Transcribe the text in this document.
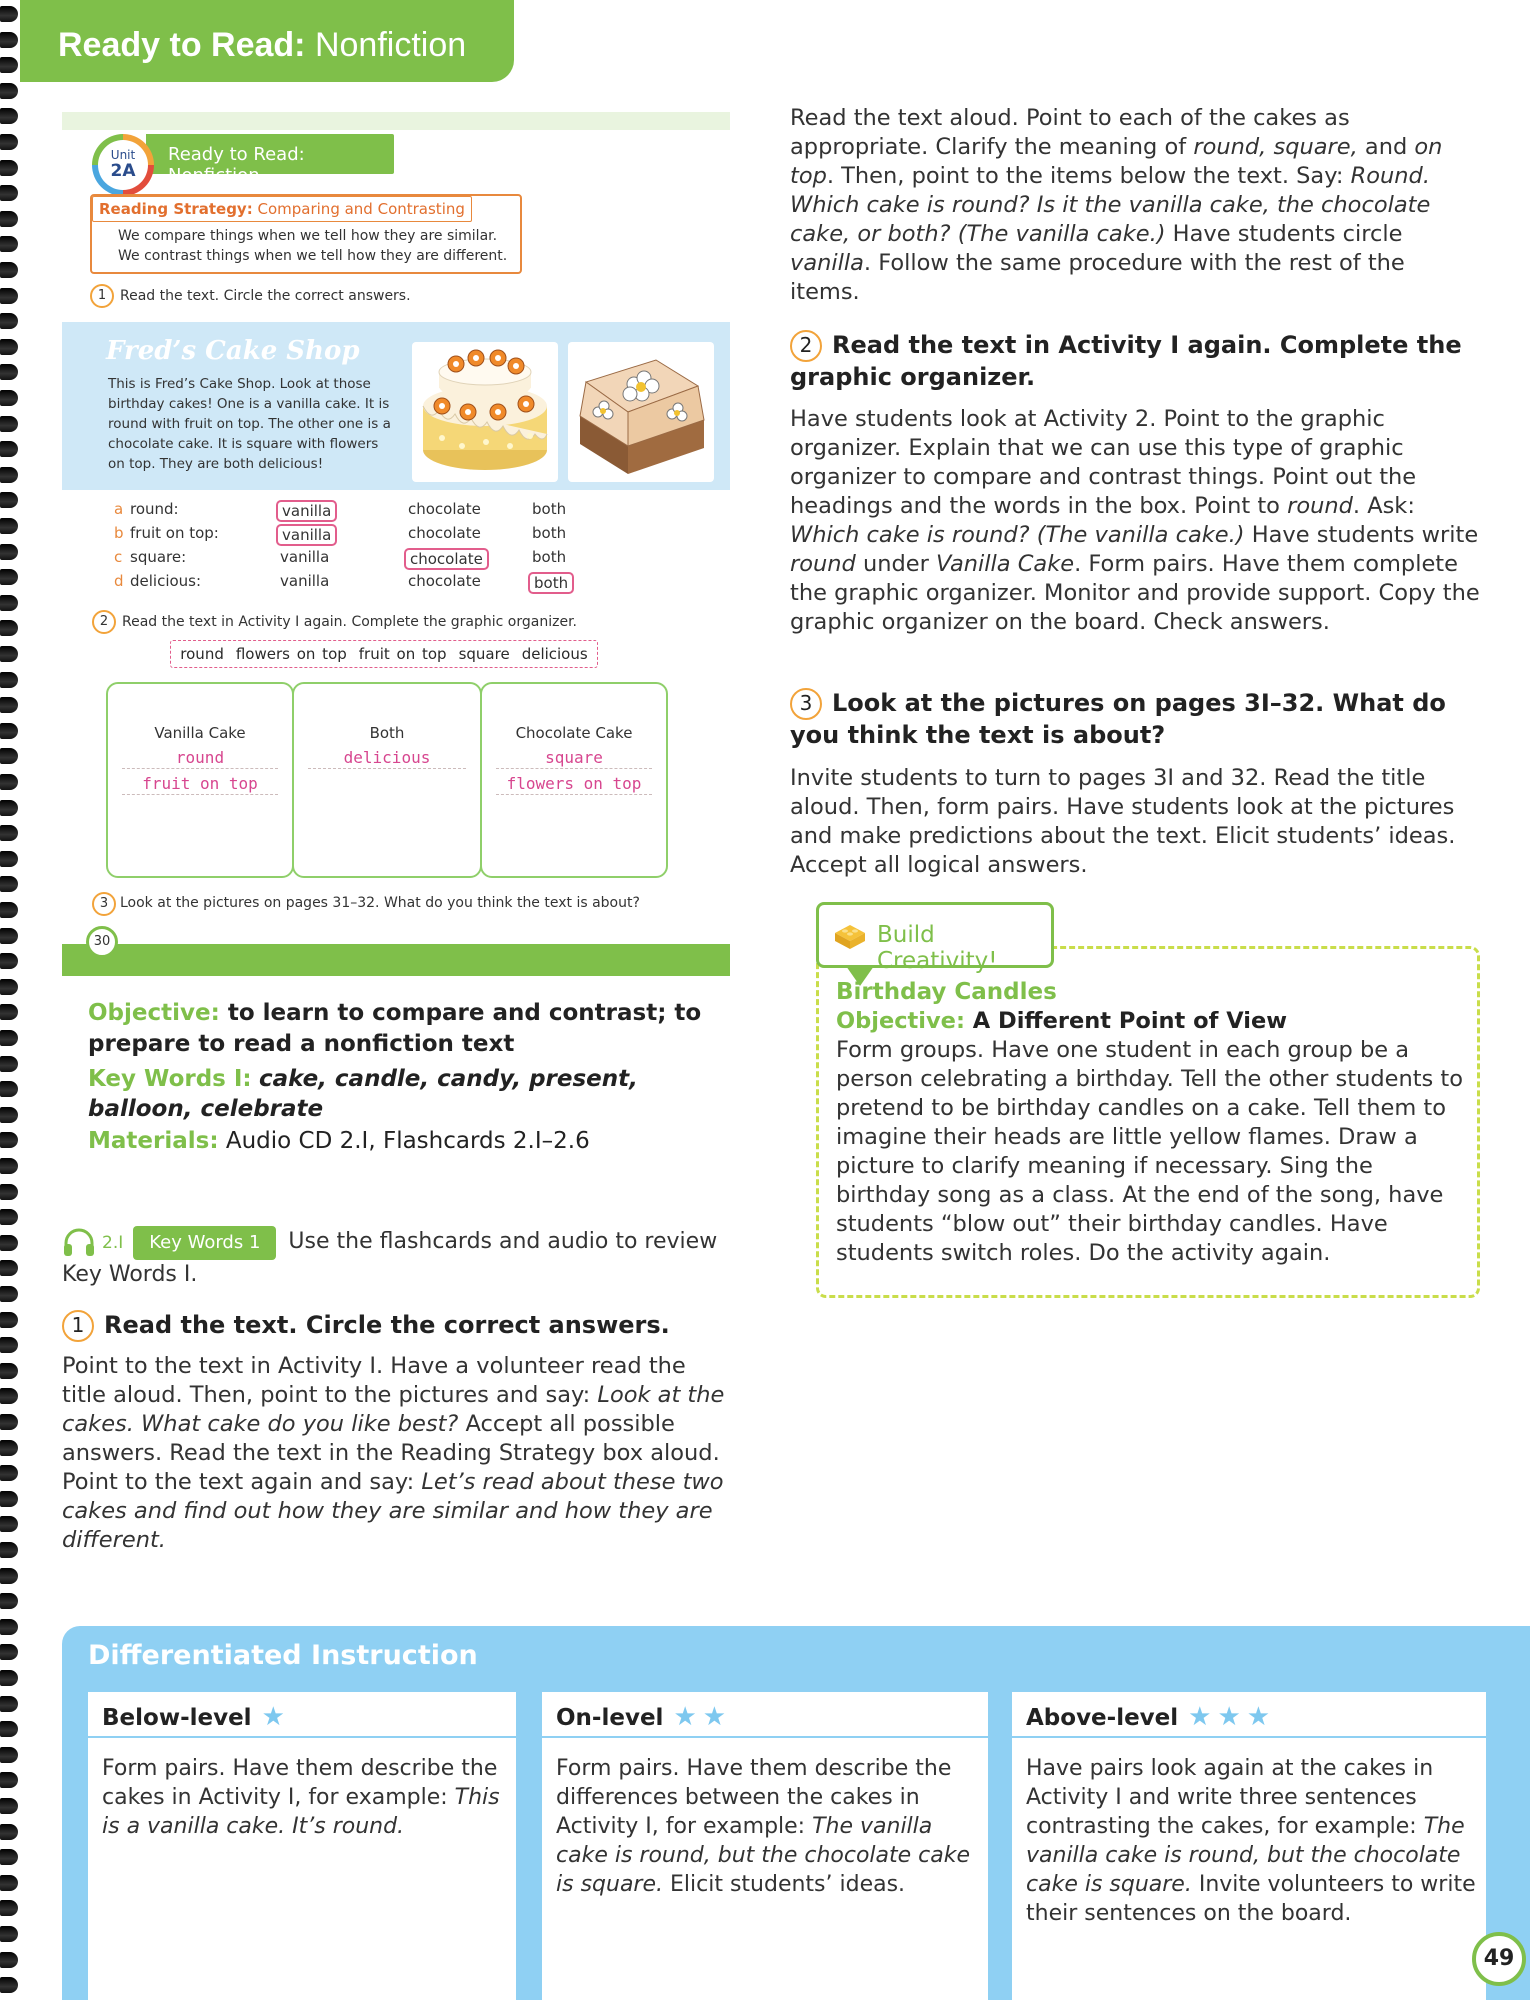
Ready to Read: Nonfiction
Ready to Read: Nonfiction
Unit
2A
Reading Strategy: Comparing and Contrasting
We compare things when we tell how they are similar.
We contrast things when we tell how they are different.
1 Read the text. Circle the correct answers.
Fred’s Cake Shop
This is Fred’s Cake Shop. Look at those birthday cakes! One is a vanilla cake. It is round with fruit on top. The other one is a chocolate cake. It is square with flowers on top. They are both delicious!
a round:	vanilla	chocolate	both
b fruit on top:	vanilla	chocolate	both
c square:	vanilla	chocolate	both
d delicious:	vanilla	chocolate	both
2 Read the text in Activity I again. Complete the graphic organizer.
round flowers on top fruit on top square delicious
Vanilla Cake
round
fruit on top
Both
delicious
Chocolate Cake
square
flowers on top
3 Look at the pictures on pages 31–32. What do you think the text is about?
30
Objective: to learn to compare and contrast; to prepare to read a nonfiction text
Key Words I: cake, candle, candy, present, balloon, celebrate
Materials: Audio CD 2.I, Flashcards 2.I–2.6
2.I Key Words 1 Use the flashcards and audio to review Key Words I.
1 Read the text. Circle the correct answers.
Point to the text in Activity I. Have a volunteer read the title aloud. Then, point to the pictures and say: Look at the cakes. What cake do you like best? Accept all possible answers. Read the text in the Reading Strategy box aloud. Point to the text again and say: Let’s read about these two cakes and find out how they are similar and how they are different.
Read the text aloud. Point to each of the cakes as appropriate. Clarify the meaning of round, square, and on top. Then, point to the items below the text. Say: Round. Which cake is round? Is it the vanilla cake, the chocolate cake, or both? (The vanilla cake.) Have students circle vanilla. Follow the same procedure with the rest of the items.
2 Read the text in Activity I again. Complete the graphic organizer.
Have students look at Activity 2. Point to the graphic organizer. Explain that we can use this type of graphic organizer to compare and contrast things. Point out the headings and the words in the box. Point to round. Ask: Which cake is round? (The vanilla cake.) Have students write round under Vanilla Cake. Form pairs. Have them complete the graphic organizer. Monitor and provide support. Copy the graphic organizer on the board. Check answers.
3 Look at the pictures on pages 3I–32. What do you think the text is about?
Invite students to turn to pages 3I and 32. Read the title aloud. Then, form pairs. Have students look at the pictures and make predictions about the text. Elicit students’ ideas. Accept all logical answers.
Build Creativity!
Birthday Candles
Objective: A Different Point of View
Form groups. Have one student in each group be a person celebrating a birthday. Tell the other students to pretend to be birthday candles on a cake. Tell them to imagine their heads are little yellow flames. Draw a picture to clarify meaning if necessary. Sing the birthday song as a class. At the end of the song, have students “blow out” their birthday candles. Have students switch roles. Do the activity again.
Differentiated Instruction
Below-level ★
Form pairs. Have them describe the cakes in Activity I, for example: This is a vanilla cake. It’s round.
On-level ★★
Form pairs. Have them describe the differences between the cakes in Activity I, for example: The vanilla cake is round, but the chocolate cake is square. Elicit students’ ideas.
Above-level ★★★
Have pairs look again at the cakes in Activity I and write three sentences contrasting the cakes, for example: The vanilla cake is round, but the chocolate cake is square. Invite volunteers to write their sentences on the board.
49
